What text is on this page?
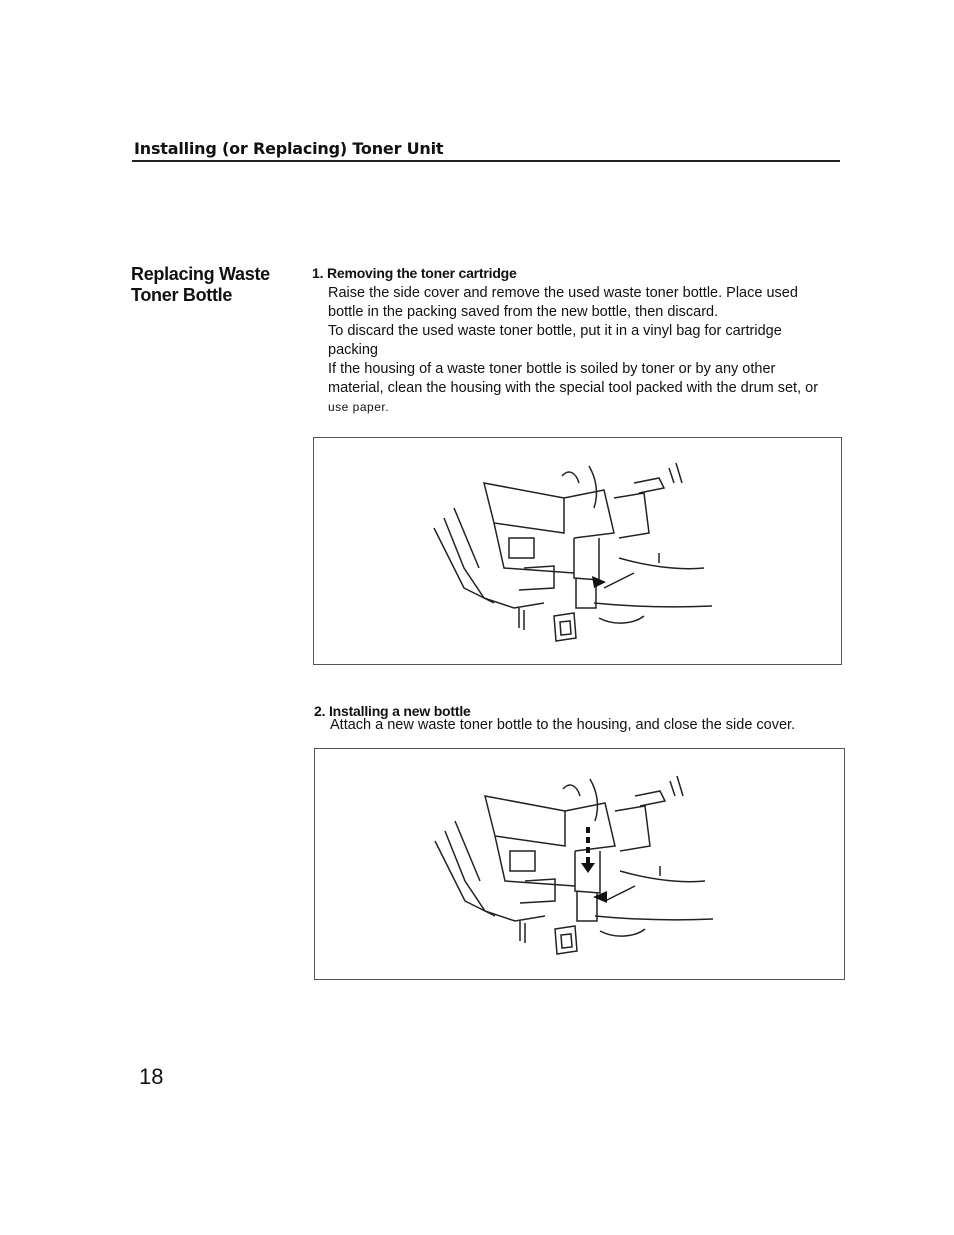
Installing (or Replacing) Toner Unit
Replacing Waste
Toner Bottle
1. Removing the toner cartridge

Raise the side cover and remove the used waste toner bottle. Place used

bottle in the packing saved from the new bottle, then discard.

To discard the used waste toner bottle, put it in a vinyl bag for cartridge

packing

If the housing of a waste toner bottle is soiled by toner or by any other

material, clean the housing with the special tool packed with the drum set, or

use paper.

2. Installing a new bottle

Attach a new waste toner bottle to the housing, and close the side cover.

18
